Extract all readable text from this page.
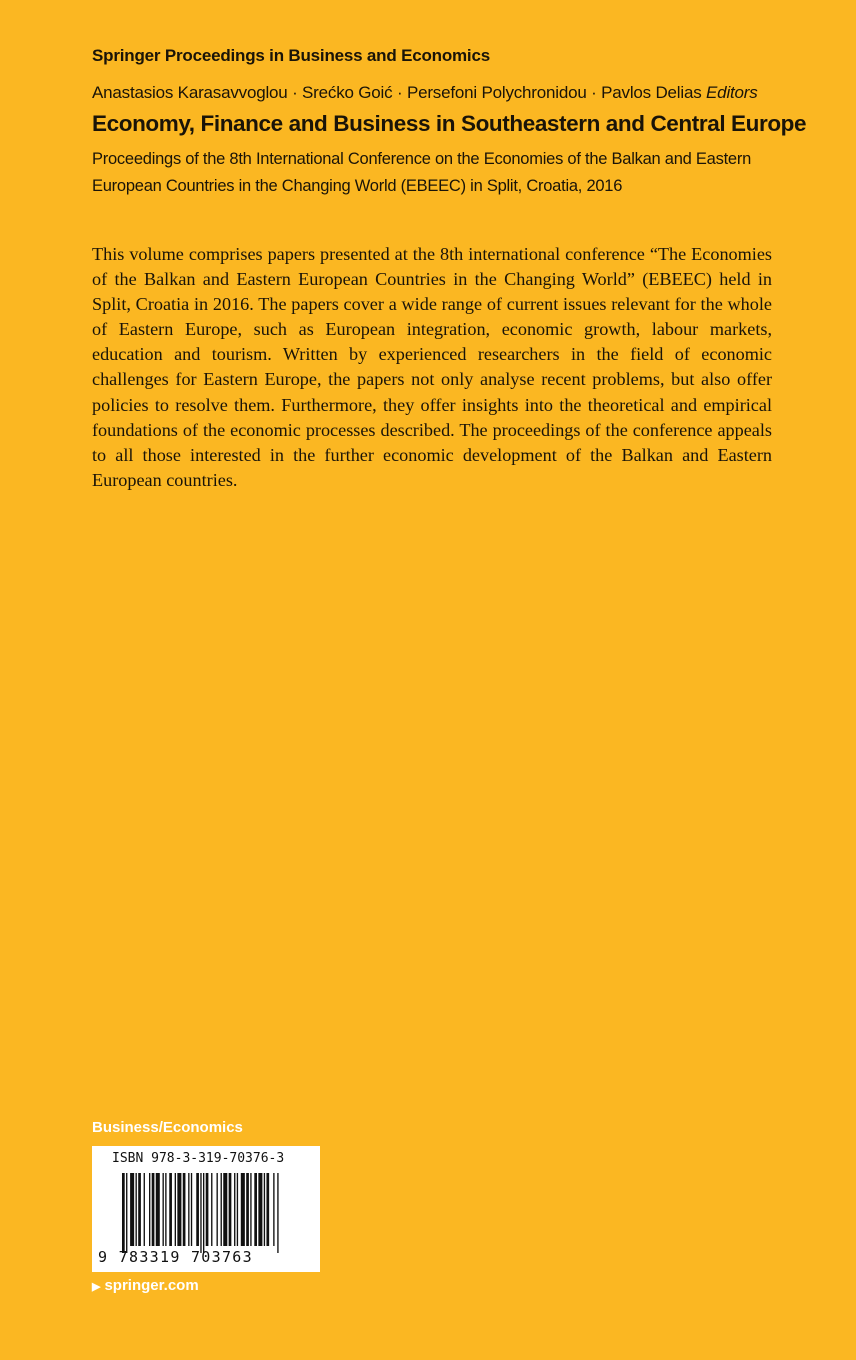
Springer Proceedings in Business and Economics
Anastasios Karasavvoglou · Srećko Goić · Persefoni Polychronidou · Pavlos Delias Editors
Economy, Finance and Business in Southeastern and Central Europe
Proceedings of the 8th International Conference on the Economies of the Balkan and Eastern
European Countries in the Changing World (EBEEC) in Split, Croatia, 2016
This volume comprises papers presented at the 8th international conference “The Economies of the Balkan and Eastern European Countries in the Changing World” (EBEEC) held in Split, Croatia in 2016. The papers cover a wide range of current issues relevant for the whole of Eastern Europe, such as European integration, economic growth, labour markets, education and tourism. Written by experienced researchers in the field of economic challenges for Eastern Europe, the papers not only analyse recent problems, but also offer policies to resolve them. Furthermore, they offer insights into the theoretical and empirical foundations of the economic processes described. The proceedings of the conference appeals to all those interested in the further economic development of the Balkan and Eastern European countries.
Business/Economics
ISBN 978-3-319-70376-3
9 783319 703763
▶ springer.com
